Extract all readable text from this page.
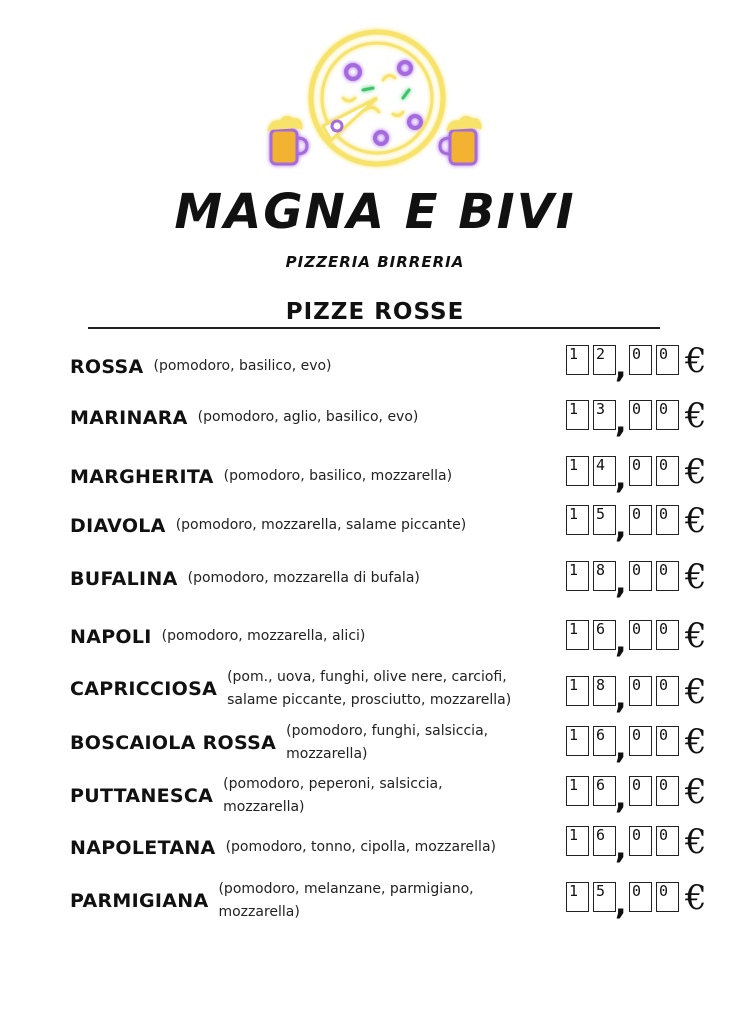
MAGNA E BIVI
PIZZERIA BIRRERIA
PIZZE ROSSE
ROSSA (pomodoro, basilico, evo)
1 2 , 0 0 €
MARINARA (pomodoro, aglio, basilico, evo)	1 3 , 0 0 €
MARGHERITA (pomodoro, basilico, mozzarella)
1 4 , 0 0 €
DIAVOLA (pomodoro, mozzarella, salame piccante)
1 5 , 0 0 €
BUFALINA (pomodoro, mozzarella di bufala)	1 8 , 0 0 €
NAPOLI (pomodoro, mozzarella, alici)	1 6 , 0 0 €
CAPRICCIOSA
(pom., uova, funghi, olive nere, carciofi, salame piccante, prosciutto, mozzarella)
1 8 , 0 0 €
BOSCAIOLA ROSSA
(pomodoro, funghi, salsiccia, mozzarella)
1 6 , 0 0 €
PUTTANESCA
(pomodoro, peperoni, salsiccia, mozzarella)
1 6 , 0 0 €
NAPOLETANA (pomodoro, tonno, cipolla, mozzarella)
1 6 , 0 0 €
PARMIGIANA
(pomodoro, melanzane, parmigiano, mozzarella)
1 5 , 0 0 €
